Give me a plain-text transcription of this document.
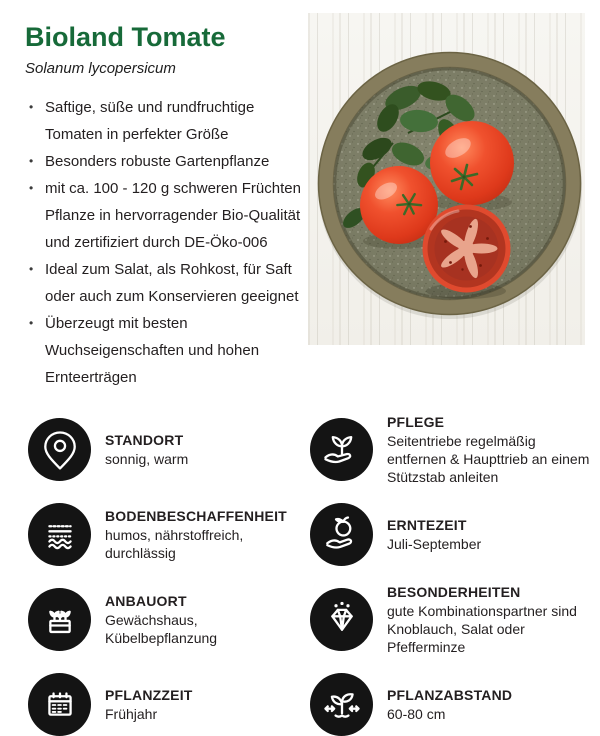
Bioland Tomate
Solanum lycopersicum
• Saftige, süße und rundfruchtige Tomaten in perfekter Größe
• Besonders robuste Gartenpflanze
• mit ca. 100 - 120 g schweren Früchten Pflanze in hervorragender Bio-Qualität und zertifiziert durch DE-Öko-006
• Ideal zum Salat, als Rohkost, für Saft oder auch zum Konservieren geeignet
• Überzeugt mit besten Wuchseigenschaften und hohen Ernteerträgen
STANDORT
sonnig, warm
PFLEGE
Seitentriebe regelmäßig entfernen & Haupttrieb an einem Stützstab anleiten
BODENBESCHAFFENHEIT
humos, nährstoffreich, durchlässig
ERNTEZEIT
Juli-September
ANBAUORT
Gewächshaus, Kübelbepflanzung
BESONDERHEITEN
gute Kombinationspartner sind Knoblauch, Salat oder Pfefferminze
PFLANZZEIT
Frühjahr
PFLANZABSTAND
60-80 cm
